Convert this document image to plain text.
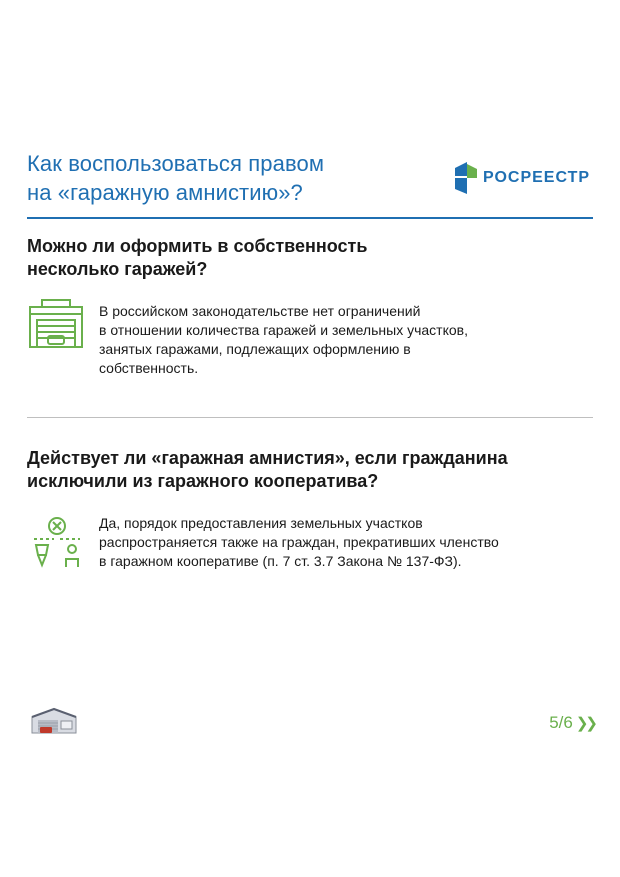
Как воспользоваться правом
на «гаражную амнистию»?
РОСРЕЕСТР
Можно ли оформить в собственность
несколько гаражей?
В российском законодательстве нет ограничений
в отношении количества гаражей и земельных участков,
занятых гаражами, подлежащих оформлению в
собственность.
Действует ли «гаражная амнистия», если гражданина
исключили из гаражного кооператива?
Да, порядок предоставления земельных участков
распространяется также на граждан, прекративших членство
в гаражном кооперативе (п. 7 ст. 3.7 Закона № 137-ФЗ).
5/6 ❯❯
